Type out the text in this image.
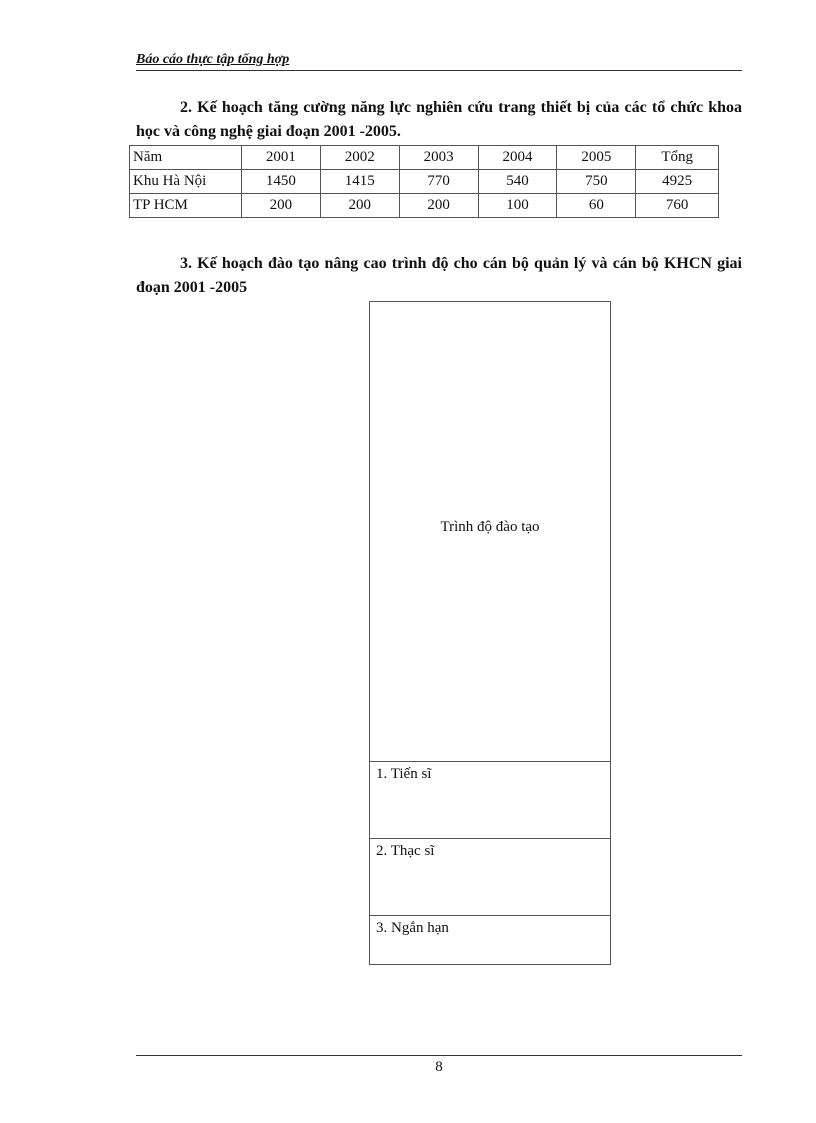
Báo cáo thực tập tổng hợp

2. Kế hoạch tăng cường năng lực nghiên cứu trang thiết bị của các tổ chức khoa học và công nghệ giai đoạn 2001 -2005.

Năm	2001	2002	2003	2004	2005	Tổng
Khu Hà Nội	1450	1415	770	540	750	4925
TP HCM	200	200	200	100	60	760

3. Kế hoạch đào tạo nâng cao trình độ cho cán bộ quản lý và cán bộ KHCN giai đoạn 2001 -2005

Trình độ đào tạo
1. Tiến sĩ
2. Thạc sĩ
3. Ngắn hạn
8
